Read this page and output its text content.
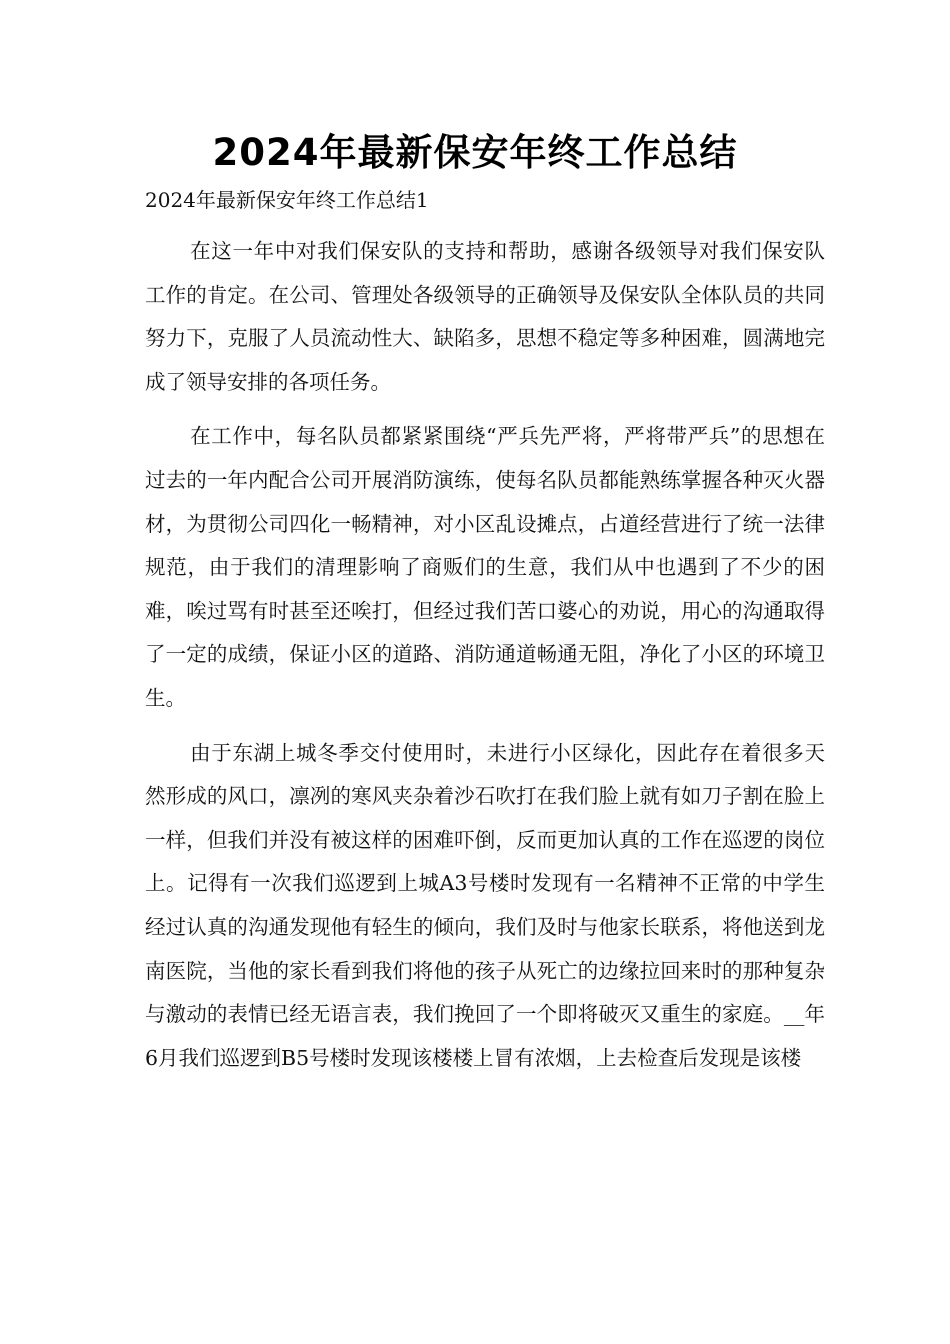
2024年最新保安年终工作总结

2024年最新保安年终工作总结1

在这一年中对我们保安队的支持和帮助，感谢各级领导对我们保安队工作的肯定。在公司、管理处各级领导的正确领导及保安队全体队员的共同努力下，克服了人员流动性大、缺陷多，思想不稳定等多种困难，圆满地完成了领导安排的各项任务。

在工作中，每名队员都紧紧围绕“严兵先严将，严将带严兵”的思想在过去的一年内配合公司开展消防演练，使每名队员都能熟练掌握各种灭火器材，为贯彻公司四化一畅精神，对小区乱设摊点，占道经营进行了统一法律规范，由于我们的清理影响了商贩们的生意，我们从中也遇到了不少的困难，唉过骂有时甚至还唉打，但经过我们苦口婆心的劝说，用心的沟通取得了一定的成绩，保证小区的道路、消防通道畅通无阻，净化了小区的环境卫生。

由于东湖上城冬季交付使用时，未进行小区绿化，因此存在着很多天然形成的风口，凛冽的寒风夹杂着沙石吹打在我们脸上就有如刀子割在脸上一样，但我们并没有被这样的困难吓倒，反而更加认真的工作在巡逻的岗位上。记得有一次我们巡逻到上城A3号楼时发现有一名精神不正常的中学生经过认真的沟通发现他有轻生的倾向，我们及时与他家长联系，将他送到龙南医院，当他的家长看到我们将他的孩子从死亡的边缘拉回来时的那种复杂与激动的表情已经无语言表，我们挽回了一个即将破灭又重生的家庭。__年6月我们巡逻到B5号楼时发现该楼楼上冒有浓烟，上去检查后发现是该楼
